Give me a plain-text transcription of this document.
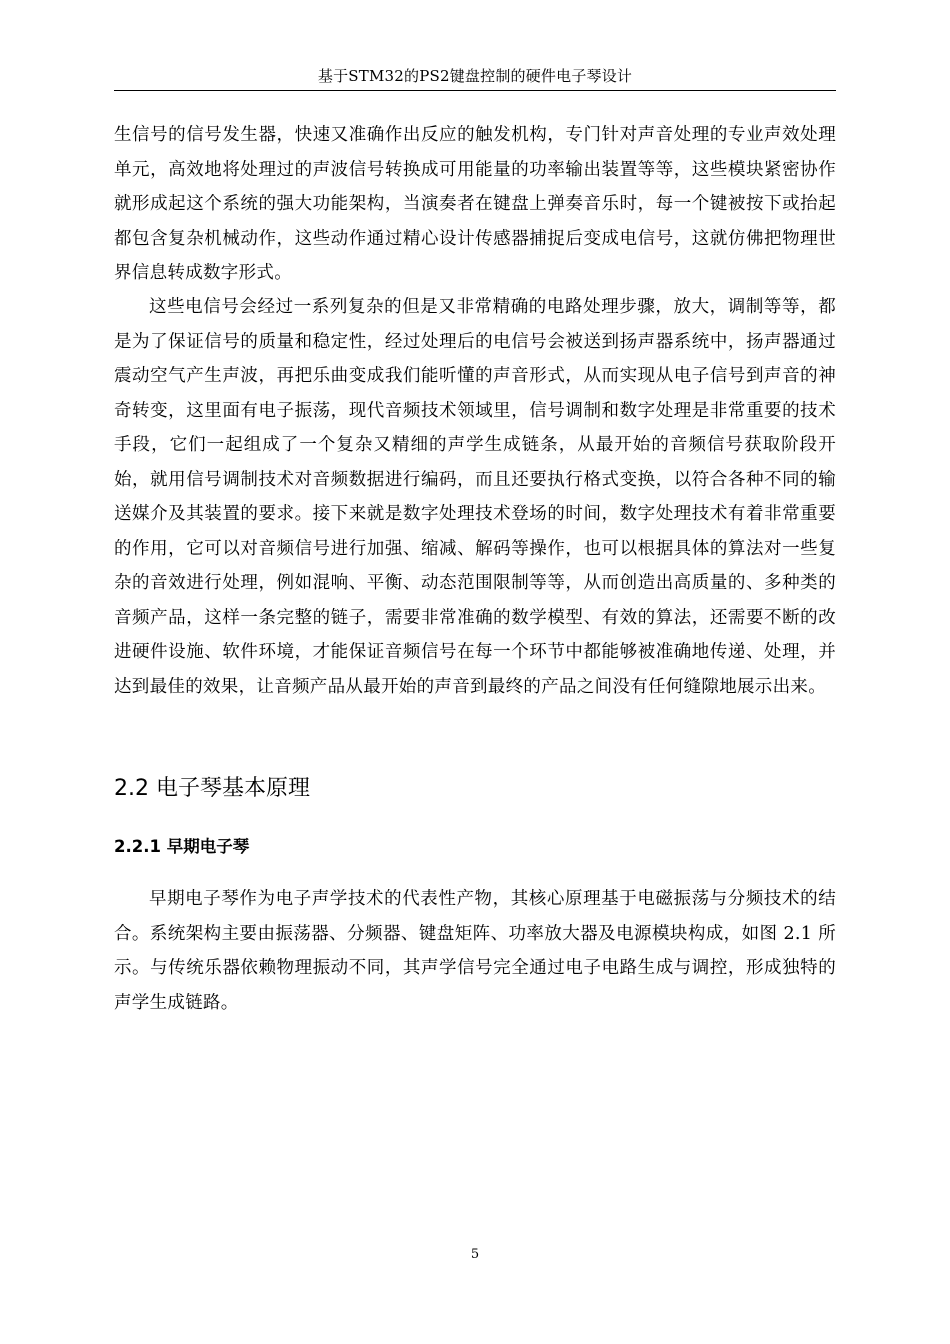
基于STM32的PS2键盘控制的硬件电子琴设计

生信号的信号发生器，快速又准确作出反应的触发机构，专门针对声音处理的专业声效处理单元，高效地将处理过的声波信号转换成可用能量的功率输出装置等等，这些模块紧密协作就形成起这个系统的强大功能架构，当演奏者在键盘上弹奏音乐时，每一个键被按下或抬起都包含复杂机械动作，这些动作通过精心设计传感器捕捉后变成电信号，这就仿佛把物理世界信息转成数字形式。

这些电信号会经过一系列复杂的但是又非常精确的电路处理步骤，放大，调制等等，都是为了保证信号的质量和稳定性，经过处理后的电信号会被送到扬声器系统中，扬声器通过震动空气产生声波，再把乐曲变成我们能听懂的声音形式，从而实现从电子信号到声音的神奇转变，这里面有电子振荡，现代音频技术领域里，信号调制和数字处理是非常重要的技术手段，它们一起组成了一个复杂又精细的声学生成链条，从最开始的音频信号获取阶段开始，就用信号调制技术对音频数据进行编码，而且还要执行格式变换，以符合各种不同的输送媒介及其装置的要求。接下来就是数字处理技术登场的时间，数字处理技术有着非常重要的作用，它可以对音频信号进行加强、缩减、解码等操作，也可以根据具体的算法对一些复杂的音效进行处理，例如混响、平衡、动态范围限制等等，从而创造出高质量的、多种类的音频产品，这样一条完整的链子，需要非常准确的数学模型、有效的算法，还需要不断的改进硬件设施、软件环境，才能保证音频信号在每一个环节中都能够被准确地传递、处理，并达到最佳的效果，让音频产品从最开始的声音到最终的产品之间没有任何缝隙地展示出来。

2.2 电子琴基本原理
2.2.1 早期电子琴

早期电子琴作为电子声学技术的代表性产物，其核心原理基于电磁振荡与分频技术的结合。系统架构主要由振荡器、分频器、键盘矩阵、功率放大器及电源模块构成，如图 2.1 所示。与传统乐器依赖物理振动不同，其声学信号完全通过电子电路生成与调控，形成独特的声学生成链路。

5
